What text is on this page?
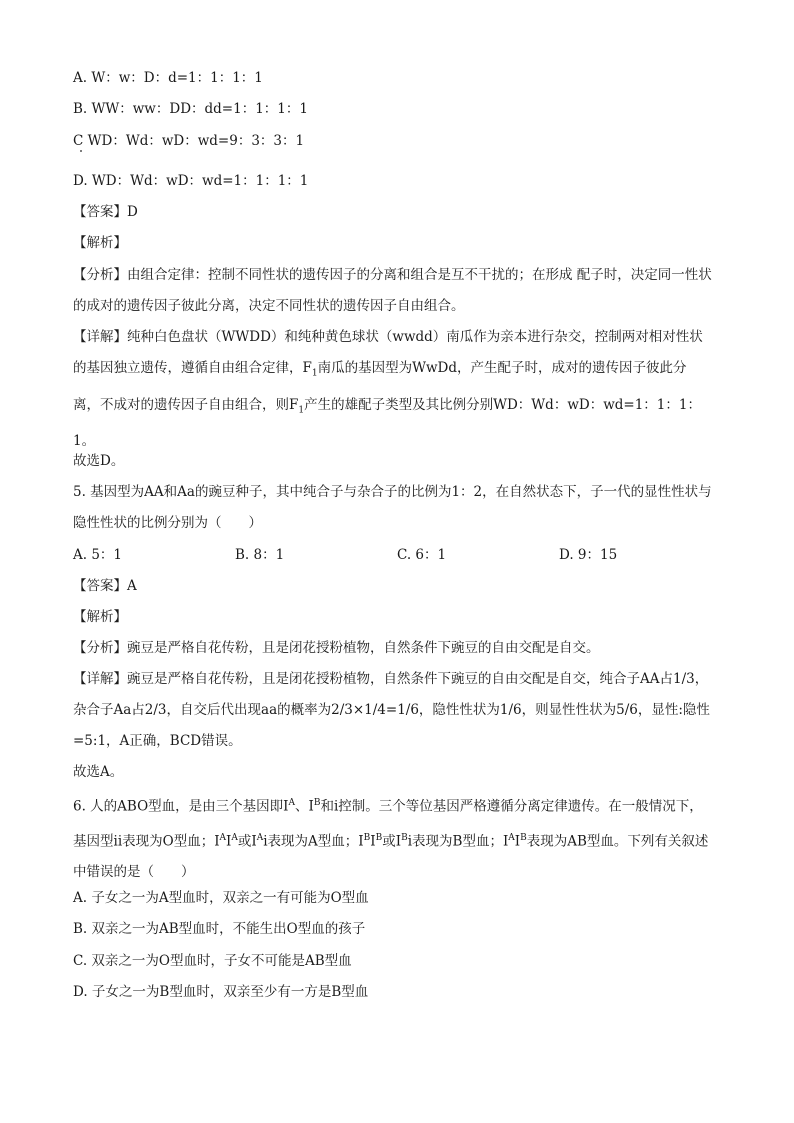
A. W：w：D：d=1：1：1：1
B. WW：ww：DD：dd=1：1：1：1
C WD：Wd：wD：wd=9：3：3：1
D. WD：Wd：wD：wd=1：1：1：1
【答案】D
【解析】
【分析】由组合定律：控制不同性状的遗传因子的分离和组合是互不干扰的；在形成 配子时，决定同一性状的成对的遗传因子彼此分离，决定不同性状的遗传因子自由组合。
【详解】纯种白色盘状（WWDD）和纯种黄色球状（wwdd）南瓜作为亲本进行杂交，控制两对相对性状的基因独立遗传，遵循自由组合定律，$F_1$南瓜的基因型为WwDd，产生配子时，成对的遗传因子彼此分离，不成对的遗传因子自由组合，则$F_1$产生的雄配子类型及其比例分别WD：Wd：wD：wd=1：1：1：1。
故选D。
5. 基因型为AA和Aa的豌豆种子，其中纯合子与杂合子的比例为1：2，在自然状态下，子一代的显性性状与隐性性状的比例分别为（　　）
A. 5：1	B. 8：1	C. 6：1	D. 9：15
【答案】A
【解析】
【分析】豌豆是严格自花传粉，且是闭花授粉植物，自然条件下豌豆的自由交配是自交。
【详解】豌豆是严格自花传粉，且是闭花授粉植物，自然条件下豌豆的自由交配是自交，纯合子AA占1/3，杂合子Aa占2/3，自交后代出现aa的概率为2/3×1/4=1/6，隐性性状为1/6，则显性性状为5/6，显性:隐性=5:1，A正确，BCD错误。
故选A。
6. 人的ABO型血，是由三个基因即Ⅰ$^A$、Ⅰ$^B$和i控制。三个等位基因严格遵循分离定律遗传。在一般情况下，基因型ii表现为O型血；Ⅰ$^A$Ⅰ$^A$或Ⅰ$^A$i表现为A型血；Ⅰ$^B$Ⅰ$^B$或Ⅰ$^B$i表现为B型血；Ⅰ$^A$Ⅰ$^B$表现为AB型血。下列有关叙述中错误的是（　　）
A. 子女之一为A型血时，双亲之一有可能为O型血
B. 双亲之一为AB型血时，不能生出O型血的孩子
C. 双亲之一为O型血时，子女不可能是AB型血
D. 子女之一为B型血时，双亲至少有一方是B型血
